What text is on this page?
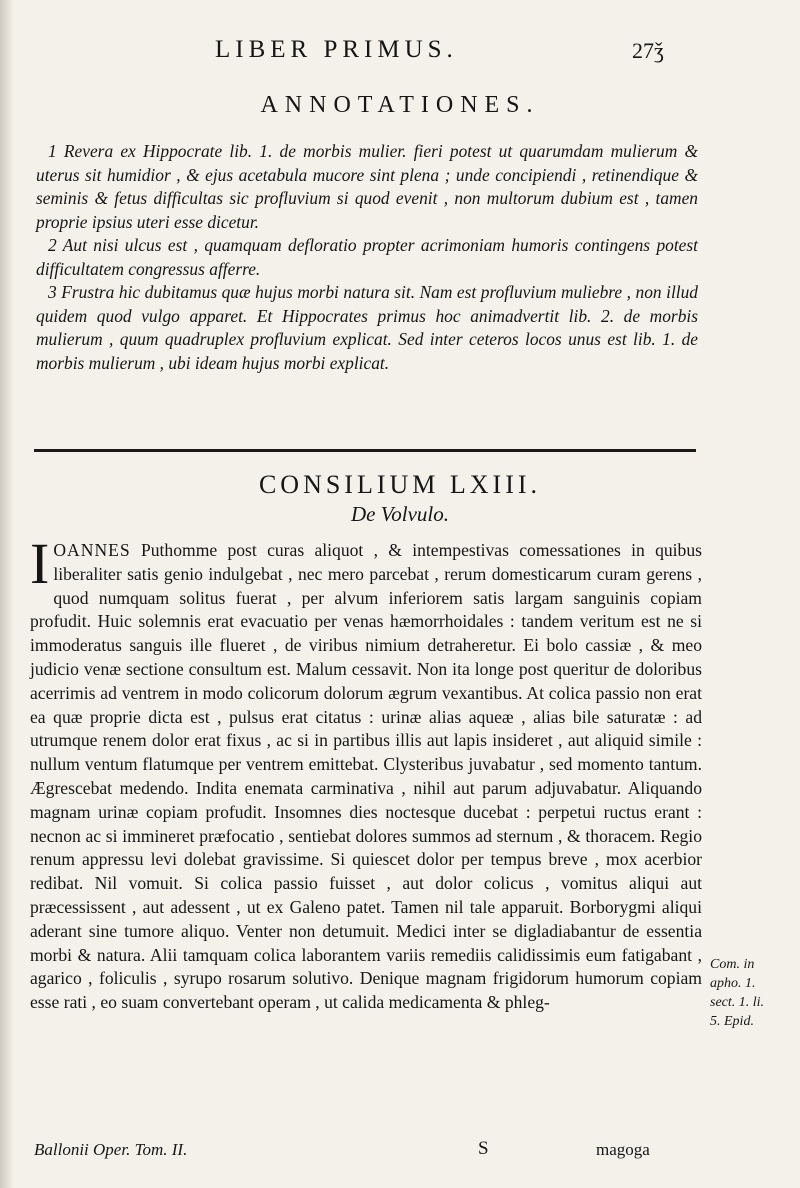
LIBER PRIMUS.	27ǯ
ANNOTATIONES.

1 Revera ex Hippocrate lib. 1. de morbis mulier. fieri potest ut quarumdam mulierum & uterus sit humidior , & ejus acetabula mucore sint plena ; unde concipiendi , retinendique & seminis & fetus difficultas sic profluvium si quod evenit , non multorum dubium est , tamen proprie ipsius uteri esse dicetur.

2 Aut nisi ulcus est , quamquam defloratio propter acrimoniam humoris contingens potest difficultatem congressus afferre.

3 Frustra hic dubitamus quæ hujus morbi natura sit. Nam est profluvium muliebre , non illud quidem quod vulgo apparet. Et Hippocrates primus hoc animadvertit lib. 2. de morbis mulierum , quum quadruplex profluvium explicat. Sed inter ceteros locos unus est lib. 1. de morbis mulierum , ubi ideam hujus morbi explicat.

CONSILIUM LXIII.
De Volvulo.
IOANNES Puthomme post curas aliquot , & intempestivas comessationes in quibus liberaliter satis genio indulgebat , nec mero parcebat , rerum domesticarum curam gerens , quod numquam solitus fuerat , per alvum inferiorem satis largam sanguinis copiam profudit. Huic solemnis erat evacuatio per venas hæmorrhoidales : tandem veritum est ne si immoderatus sanguis ille flueret , de viribus nimium detraheretur. Ei bolo cassiæ , & meo judicio venæ sectione consultum est. Malum cessavit. Non ita longe post queritur de doloribus acerrimis ad ventrem in modo colicorum dolorum ægrum vexantibus. At colica passio non erat ea quæ proprie dicta est , pulsus erat citatus : urinæ alias aqueæ , alias bile saturatæ : ad utrumque renem dolor erat fixus , ac si in partibus illis aut lapis insideret , aut aliquid simile : nullum ventum flatumque per ventrem emittebat. Clysteribus juvabatur , sed momento tantum. Ægrescebat medendo. Indita enemata carminativa , nihil aut parum adjuvabatur. Aliquando magnam urinæ copiam profudit. Insomnes dies noctesque ducebat : perpetui ructus erant : necnon ac si immineret præfocatio , sentiebat dolores summos ad sternum , & thoracem. Regio renum appressu levi dolebat gravissime. Si quiescet dolor per tempus breve , mox acerbior redibat. Nil vomuit. Si colica passio fuisset , aut dolor colicus , vomitus aliqui aut præcessissent , aut adessent , ut ex Galeno patet. Tamen nil tale apparuit. Borborygmi aliqui aderant sine tumore aliquo. Venter non detumuit. Medici inter se digladiabantur de essentia morbi & natura. Alii tamquam colica laborantem variis remediis calidissimis eum fatigabant , agarico , foliculis , syrupo rosarum solutivo. Denique magnam frigidorum humorum copiam esse rati , eo suam convertebant operam , ut calida medicamenta & phleg-
Com. in
apho. 1.
sect. 1. li.
5. Epid.
Ballonii Oper. Tom. II.	S	magoga
